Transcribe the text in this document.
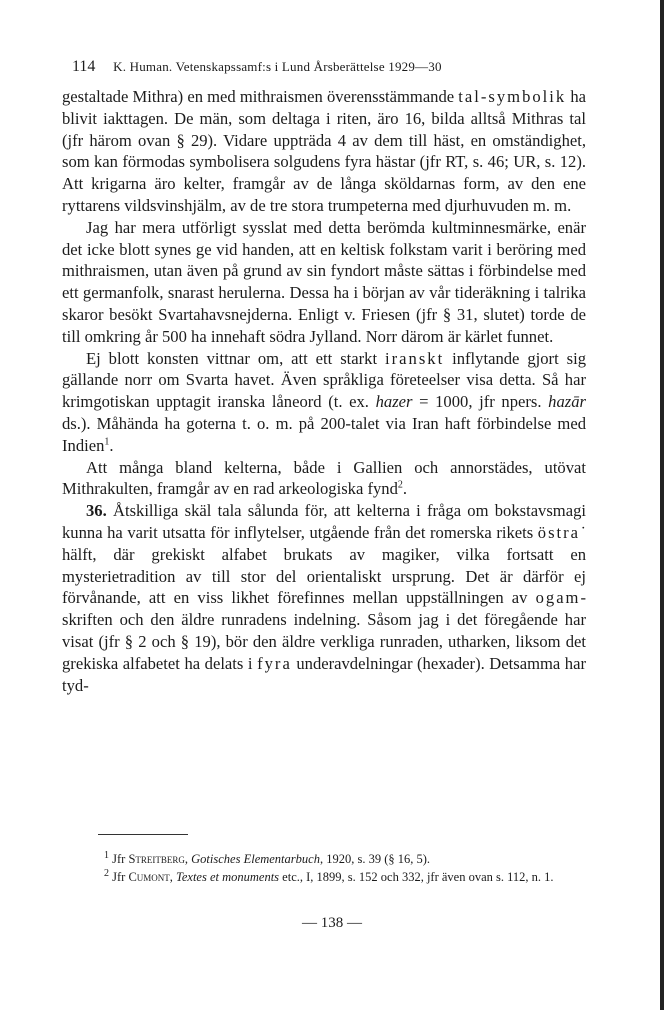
114 K. Human. Vetenskapssamf:s i Lund Årsberättelse 1929—30

gestaltade Mithra) en med mithraismen överensstämmande tal-symbolik ha blivit iakttagen. De män, som deltaga i riten, äro 16, bilda alltså Mithras tal (jfr härom ovan § 29). Vidare uppträda 4 av dem till häst, en omständighet, som kan förmodas symbolisera solgudens fyra hästar (jfr RT, s. 46; UR, s. 12). Att krigarna äro kelter, framgår av de långa sköldarnas form, av den ene ryttarens vildsvinshjälm, av de tre stora trumpeterna med djurhuvuden m. m.

Jag har mera utförligt sysslat med detta berömda kultminnesmärke, enär det icke blott synes ge vid handen, att en keltisk folkstam varit i beröring med mithraismen, utan även på grund av sin fyndort måste sättas i förbindelse med ett germanfolk, snarast herulerna. Dessa ha i början av vår tideräkning i talrika skaror besökt Svartahavsnejderna. Enligt v. Friesen (jfr § 31, slutet) torde de till omkring år 500 ha innehaft södra Jylland. Norr därom är kärlet funnet.

Ej blott konsten vittnar om, att ett starkt iranskt inflytande gjort sig gällande norr om Svarta havet. Även språkliga företeelser visa detta. Så har krimgotiskan upptagit iranska låneord (t. ex. hazer = 1000, jfr npers. hazār ds.). Måhända ha goterna t. o. m. på 200-talet via Iran haft förbindelse med Indien$^1$.

Att många bland kelterna, både i Gallien och annorstädes, utövat Mithrakulten, framgår av en rad arkeologiska fynd$^2$.

36. Åtskilliga skäl tala sålunda för, att kelterna i fråga om bokstavsmagi kunna ha varit utsatta för inflytelser, utgående från det romerska rikets östra˙ hälft, där grekiskt alfabet brukats av magiker, vilka fortsatt en mysterietradition av till stor del orientaliskt ursprung. Det är därför ej förvånande, att en viss likhet förefinnes mellan uppställningen av ogam-skriften och den äldre runradens indelning. Såsom jag i det föregående har visat (jfr § 2 och § 19), bör den äldre verkliga runraden, utharken, liksom det grekiska alfabetet ha delats i fyra underavdelningar (hexader). Detsamma har tyd-

$^1$ Jfr Streitberg, Gotisches Elementarbuch, 1920, s. 39 (§ 16, 5).

$^2$ Jfr Cumont, Textes et monuments etc., I, 1899, s. 152 och 332, jfr även ovan s. 112, n. 1.

— 138 —
